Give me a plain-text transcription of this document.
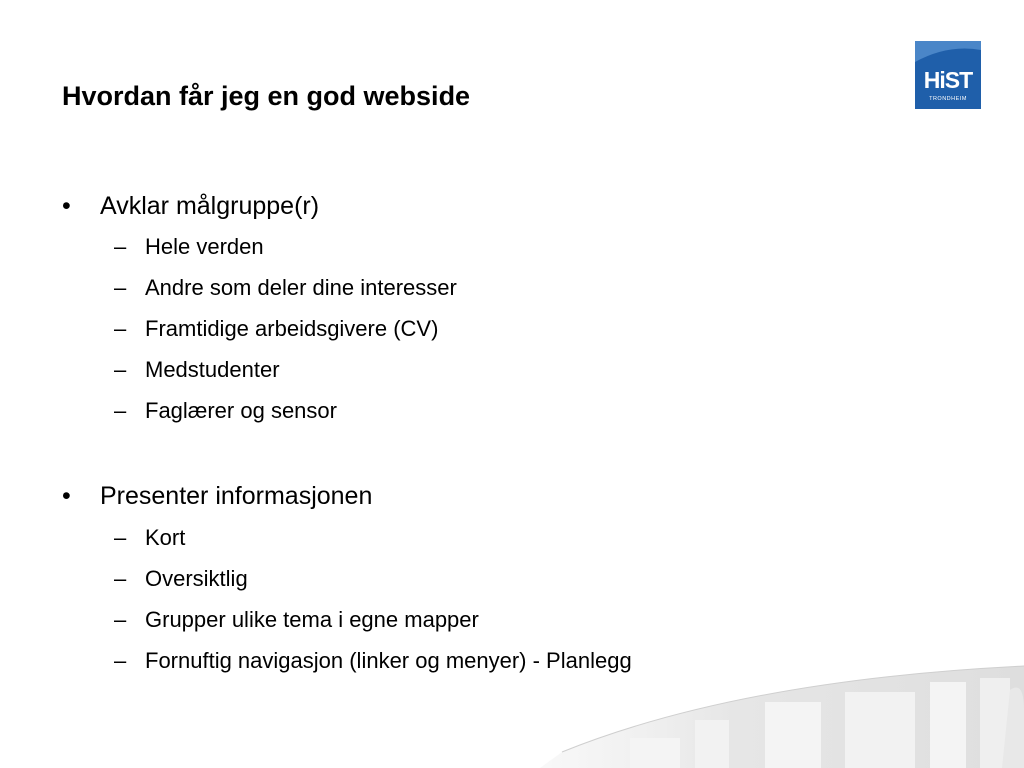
Hvordan får jeg en god webside
HiST
TRONDHEIM
• Avklar målgruppe(r)
– Hele verden
– Andre som deler dine interesser
– Framtidige arbeidsgivere (CV)
– Medstudenter
– Faglærer og sensor
• Presenter informasjonen
– Kort
– Oversiktlig
– Grupper ulike tema i egne mapper
– Fornuftig navigasjon (linker og menyer) - Planlegg
